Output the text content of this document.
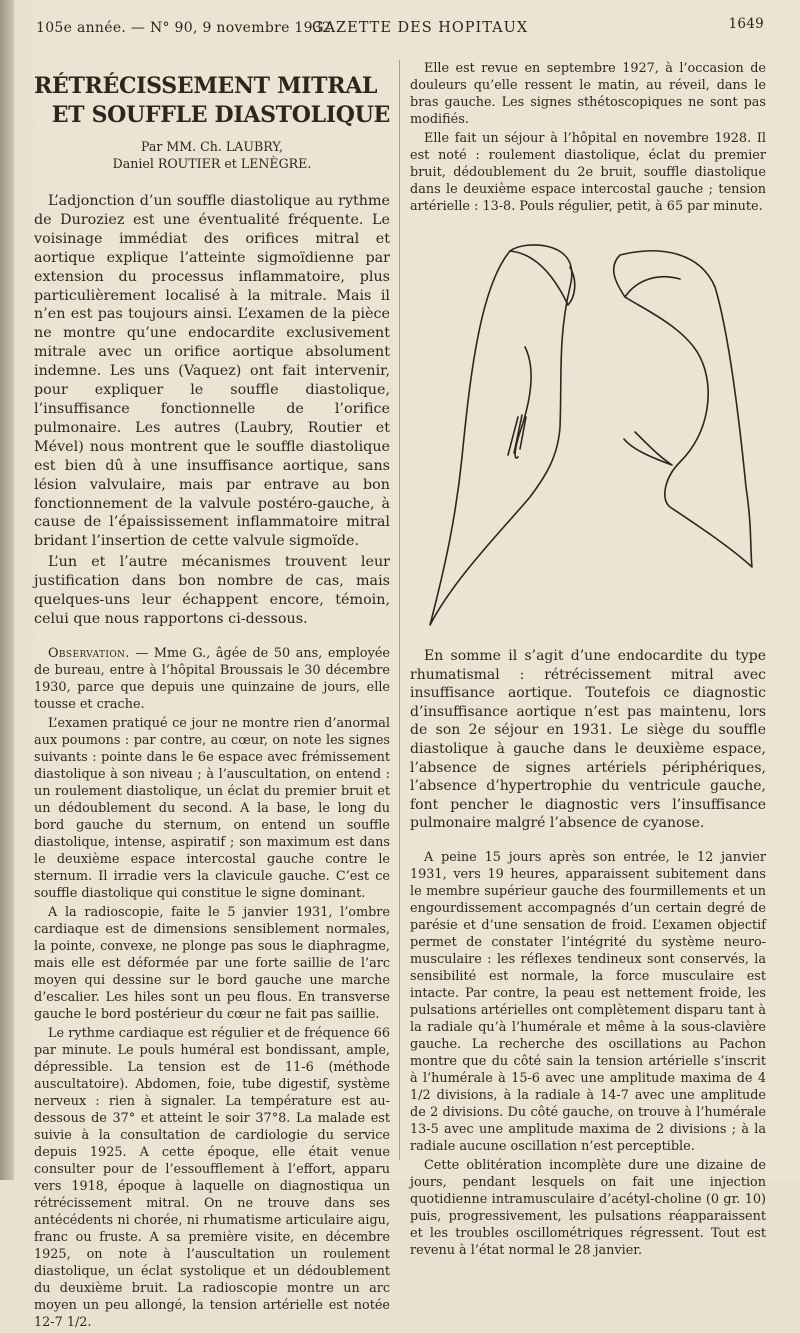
105e année. — N° 90, 9 novembre 1932.
GAZETTE DES HOPITAUX	1649
RÉTRÉCISSEMENT MITRAL
ET SOUFFLE DIASTOLIQUE
Par MM. Ch. LAUBRY,
Daniel ROUTIER et LENÈGRE.

L’adjonction d’un souffle diastolique au rythme de Duroziez est une éventualité fréquente. Le voisinage immédiat des orifices mitral et aortique explique l’atteinte sigmoïdienne par extension du processus inflammatoire, plus particulièrement localisé à la mitrale. Mais il n’en est pas toujours ainsi. L’examen de la pièce ne montre qu’une endocardite exclusivement mitrale avec un orifice aortique absolument indemne. Les uns (Vaquez) ont fait intervenir, pour expliquer le souffle diastolique, l’insuffisance fonctionnelle de l’orifice pulmonaire. Les autres (Laubry, Routier et Mével) nous montrent que le souffle diastolique est bien dû à une insuffisance aortique, sans lésion valvulaire, mais par entrave au bon fonctionnement de la valvule postéro-gauche, à cause de l’épaississement inflammatoire mitral bridant l’insertion de cette valvule sigmoïde.

L’un et l’autre mécanismes trouvent leur justification dans bon nombre de cas, mais quelques-uns leur échappent encore, témoin, celui que nous rapportons ci-dessous.

Observation. — Mme G., âgée de 50 ans, employée de bureau, entre à l’hôpital Broussais le 30 décembre 1930, parce que depuis une quinzaine de jours, elle tousse et crache.

L’examen pratiqué ce jour ne montre rien d’anormal aux poumons : par contre, au cœur, on note les signes suivants : pointe dans le 6e espace avec frémissement diastolique à son niveau ; à l’auscultation, on entend : un roulement diastolique, un éclat du premier bruit et un dédoublement du second. A la base, le long du bord gauche du sternum, on entend un souffle diastolique, intense, aspiratif ; son maximum est dans le deuxième espace intercostal gauche contre le sternum. Il irradie vers la clavicule gauche. C’est ce souffle diastolique qui constitue le signe dominant.

A la radioscopie, faite le 5 janvier 1931, l’ombre cardiaque est de dimensions sensiblement normales, la pointe, convexe, ne plonge pas sous le diaphragme, mais elle est déformée par une forte saillie de l’arc moyen qui dessine sur le bord gauche une marche d’escalier. Les hiles sont un peu flous. En transverse gauche le bord postérieur du cœur ne fait pas saillie.

Le rythme cardiaque est régulier et de fréquence 66 par minute. Le pouls huméral est bondissant, ample, dépressible. La tension est de 11-6 (méthode auscultatoire). Abdomen, foie, tube digestif, système nerveux : rien à signaler. La température est au-dessous de 37° et atteint le soir 37°8. La malade est suivie à la consultation de cardiologie du service depuis 1925. A cette époque, elle était venue consulter pour de l’essoufflement à l’effort, apparu vers 1918, époque à laquelle on diagnostiqua un rétrécissement mitral. On ne trouve dans ses antécédents ni chorée, ni rhumatisme articulaire aigu, franc ou fruste. A sa première visite, en décembre 1925, on note à l’auscultation un roulement diastolique, un éclat systolique et un dédoublement du deuxième bruit. La radioscopie montre un arc moyen un peu allongé, la tension artérielle est notée 12-7 1/2.

Elle est revue en septembre 1927, à l’occasion de douleurs qu’elle ressent le matin, au réveil, dans le bras gauche. Les signes sthétoscopiques ne sont pas modifiés.

Elle fait un séjour à l’hôpital en novembre 1928. Il est noté : roulement diastolique, éclat du premier bruit, dédoublement du 2e bruit, souffle diastolique dans le deuxième espace intercostal gauche ; tension artérielle : 13-8. Pouls régulier, petit, à 65 par minute.

En somme il s’agit d’une endocardite du type rhumatismal : rétrécissement mitral avec insuffisance aortique. Toutefois ce diagnostic d’insuffisance aortique n’est pas maintenu, lors de son 2e séjour en 1931. Le siège du souffle diastolique à gauche dans le deuxième espace, l’absence de signes artériels périphériques, l’absence d’hypertrophie du ventricule gauche, font pencher le diagnostic vers l’insuffisance pulmonaire malgré l’absence de cyanose.

A peine 15 jours après son entrée, le 12 janvier 1931, vers 19 heures, apparaissent subitement dans le membre supérieur gauche des fourmillements et un engourdissement accompagnés d’un certain degré de parésie et d’une sensation de froid. L’examen objectif permet de constater l’intégrité du système neuro-musculaire : les réflexes tendineux sont conservés, la sensibilité est normale, la force musculaire est intacte. Par contre, la peau est nettement froide, les pulsations artérielles ont complètement disparu tant à la radiale qu’à l’humérale et même à la sous-clavière gauche. La recherche des oscillations au Pachon montre que du côté sain la tension artérielle s’inscrit à l’humérale à 15-6 avec une amplitude maxima de 4 1/2 divisions, à la radiale à 14-7 avec une amplitude de 2 divisions. Du côté gauche, on trouve à l’humérale 13-5 avec une amplitude maxima de 2 divisions ; à la radiale aucune oscillation n’est perceptible.

Cette oblitération incomplète dure une dizaine de jours, pendant lesquels on fait une injection quotidienne intramusculaire d’acétyl-choline (0 gr. 10) puis, progressivement, les pulsations réapparaissent et les troubles oscillométriques régressent. Tout est revenu à l’état normal le 28 janvier.
